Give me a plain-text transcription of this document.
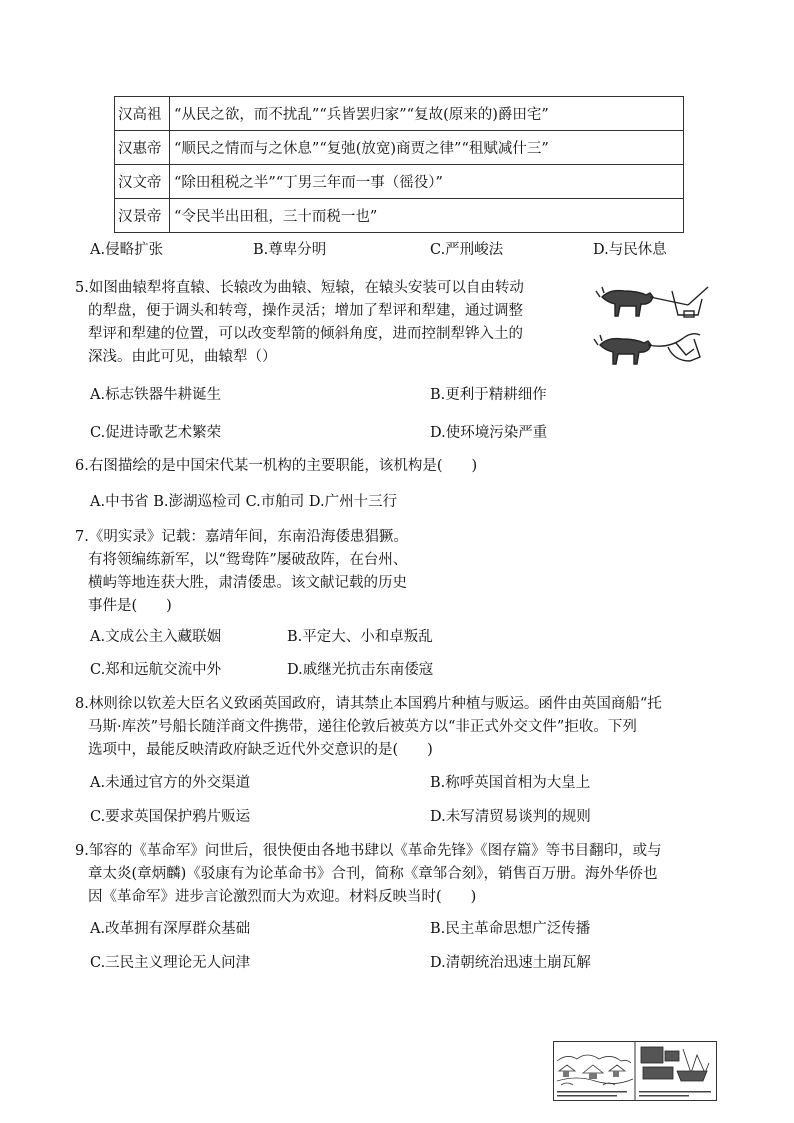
汉高祖	“从民之欲，而不扰乱”“兵皆罢归家”“复故(原来的)爵田宅”
汉惠帝	“顺民之情而与之休息”“复弛(放宽)商贾之律”“租赋减什三”
汉文帝	“除田租税之半”“丁男三年而一事（徭役）”
汉景帝	“令民半出田租，三十而税一也”
A.侵略扩张	B.尊卑分明	C.严刑峻法	D.与民休息
5.如图曲辕犁将直辕、长辕改为曲辕、短辕，在辕头安装可以自由转动
的犁盘，便于调头和转弯，操作灵活；增加了犁评和犁建，通过调整
犁评和犁建的位置，可以改变犁箭的倾斜角度，进而控制犁铧入土的
深浅。由此可见，曲辕犁（）
A.标志铁器牛耕诞生	B.更利于精耕细作
C.促进诗歌艺术繁荣	D.使环境污染严重
6.右图描绘的是中国宋代某一机构的主要职能，该机构是(　　)
A.中书省 B.澎湖巡检司 C.市舶司 D.广州十三行
7.《明实录》记载：嘉靖年间，东南沿海倭患猖獗。
有将领编练新军，以“鸳鸯阵”屡破敌阵，在台州、
横屿等地连获大胜，肃清倭患。该文献记载的历史
事件是(　　)
A.文成公主入藏联姻	B.平定大、小和卓叛乱
C.郑和远航交流中外	D.戚继光抗击东南倭寇
8.林则徐以钦差大臣名义致函英国政府，请其禁止本国鸦片种植与贩运。函件由英国商船“托
马斯·库茨”号船长随洋商文件携带，递往伦敦后被英方以“非正式外交文件”拒收。下列
选项中，最能反映清政府缺乏近代外交意识的是(　　)
A.未通过官方的外交渠道	B.称呼英国首相为大皇上
C.要求英国保护鸦片贩运	D.未写清贸易谈判的规则
9.邹容的《革命军》问世后，很快便由各地书肆以《革命先锋》《图存篇》等书目翻印，或与
章太炎(章炳麟)《驳康有为论革命书》合刊，简称《章邹合刻》，销售百万册。海外华侨也
因《革命军》进步言论激烈而大为欢迎。材料反映当时(　　)
A.改革拥有深厚群众基础	B.民主革命思想广泛传播
C.三民主义理论无人问津	D.清朝统治迅速土崩瓦解
